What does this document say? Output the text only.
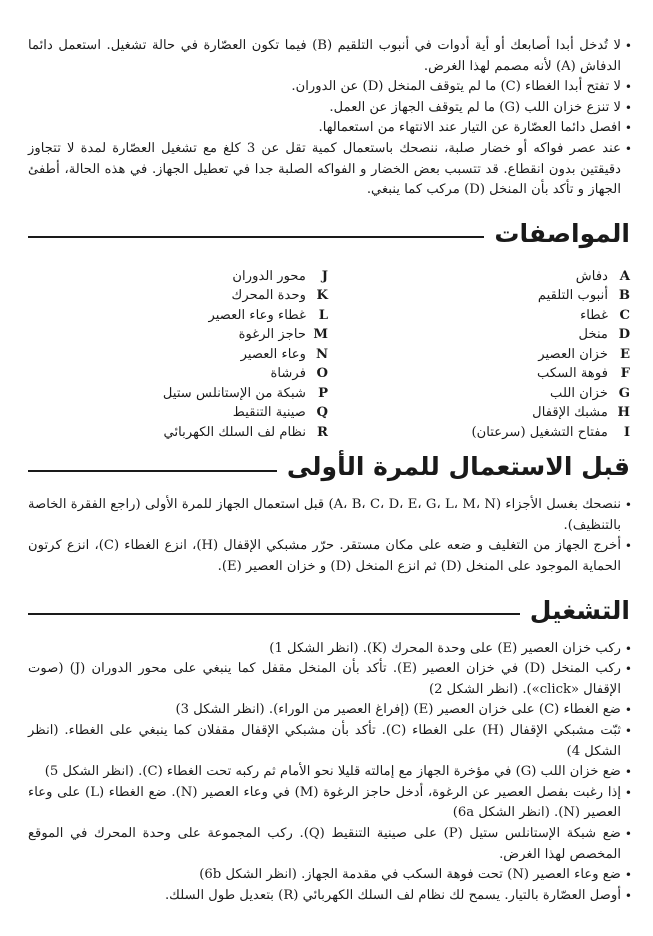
• لا تُدخل أبدا أصابعك أو أية أدوات في أنبوب التلقيم (B) فيما تكون العصّارة في حالة تشغيل. استعمل دائما الدفاش (A) لأنه مصمم لهذا الغرض.
• لا تفتح أبدا الغطاء (C) ما لم يتوقف المنخل (D) عن الدوران.
• لا تنزع خزان اللب (G) ما لم يتوقف الجهاز عن العمل.
• افصل دائما العصّارة عن التيار عند الانتهاء من استعمالها.
• عند عصر فواكه أو خضار صلبة، ننصحك باستعمال كمية تقل عن 3 كلغ مع تشغيل العصّارة لمدة لا تتجاوز دقيقتين بدون انقطاع. قد تتسبب بعض الخضار و الفواكه الصلبة جدا في تعطيل الجهاز. في هذه الحالة، أطفئ الجهاز و تأكد بأن المنخل (D) مركب كما ينبغي.
المواصفات
A
دفاش
B
أنبوب التلقيم
C
غطاء
D
منخل
E
خزان العصير
F
فوهة السكب
G
خزان اللب
H
مشبك الإقفال
I
مفتاح التشغيل (سرعتان)
J
محور الدوران
K
وحدة المحرك
L
غطاء وعاء العصير
M
حاجز الرغوة
N
وعاء العصير
O
فرشاة
P
شبكة من الإستانلس ستيل
Q
صينية التنقيط
R
نظام لف السلك الكهربائي
قبل الاستعمال للمرة الأولى
• ننصحك بغسل الأجزاء (A، B، C، D، E، G، L، M، N) قبل استعمال الجهاز للمرة الأولى (راجع الفقرة الخاصة بالتنظيف).
• أخرج الجهاز من التغليف و ضعه على مكان مستقر. حرّر مشبكي الإقفال (H)، انزع الغطاء (C)، انزع كرتون الحماية الموجود على المنخل (D) ثم انزع المنخل (D) و خزان العصير (E).
التشغيل
• ركب خزان العصير (E) على وحدة المحرك (K). (انظر الشكل 1)
• ركب المنخل (D) في خزان العصير (E). تأكد بأن المنخل مقفل كما ينبغي على محور الدوران (J) (صوت الإقفال «click»). (انظر الشكل 2)
• ضع الغطاء (C) على خزان العصير (E) (إفراغ العصير من الوراء). (انظر الشكل 3)
• ثبّت مشبكي الإقفال (H) على الغطاء (C). تأكد بأن مشبكي الإقفال مقفلان كما ينبغي على الغطاء. (انظر الشكل 4)
• ضع خزان اللب (G) في مؤخرة الجهاز مع إمالته قليلا نحو الأمام ثم ركبه تحت الغطاء (C). (انظر الشكل 5)
• إذا رغبت بفصل العصير عن الرغوة، أدخل حاجز الرغوة (M) في وعاء العصير (N). ضع الغطاء (L) على وعاء العصير (N). (انظر الشكل 6a)
• ضع شبكة الإستانلس ستيل (P) على صينية التنقيط (Q). ركب المجموعة على وحدة المحرك في الموقع المخصص لهذا الغرض.
• ضع وعاء العصير (N) تحت فوهة السكب في مقدمة الجهاز. (انظر الشكل 6b)
• أوصل العصّارة بالتيار. يسمح لك نظام لف السلك الكهربائي (R) بتعديل طول السلك.
